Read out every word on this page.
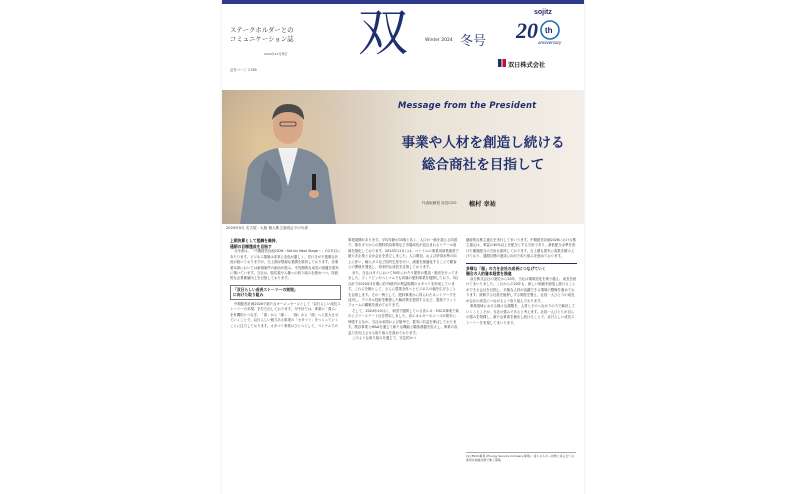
ステークホルダーとの
コミュニケーション誌
2024年12月発行 双	Winter 2024 冬号
sojitz
20 th
anniversary
証券コード 2768
双日株式会社
Message from the President
事業や人材を創造し続ける
総合商社を目指して
代表取締役 社長COO 植村 幸祐
2024年9月 名古屋・大阪 個人株主説明会での写真

上期決算として堅調を維持、
通期の目標達成を目指す

当年度は、「中期経営計画2026〜Set for Next Stage〜」の2年目にあたります。ビジネス環境は非常に変化が激しく、先行きが不透明な状況が続いておりますが、当上期は堅調な業績を維持しております。各事業本部においては新規案件の創出が進み、中長期的な成長の基盤を着実に築いています。当社は、脱炭素や人権への取り組みを進めつつ、持続的な企業価値向上を目指しております。

「双日らしい成長ストーリーの実現」
に向けた取り組み

中期経営計画2026で新たなキーメッセージとして「双日らしい成長ストーリーの実現」を打ち出しております。今中計では、事業の「強み」を有機的につなぎ、「面」から「線」、「線」から「面」へと拡大させていくことで、双日らしい魅力ある事業の「カタマリ」をつくっていくことに注力しております。カタマリ事業のひとつとして、ベトナムでの

事業展開があります。平均年齢が33歳と若く、人口が一億を超える同国で、都市ガスからの燃料供給事業など市場成長が見込まれるリテール領域を強化しております。2023年11月には、ベトナムの事業用商業施設で最大手企業と合弁会社を設立しました。人口増加、および所得水準の向上に伴い、輸入ガスなど国内生産を行い、流通を最適化することで顧客との関係を強化し、将来的な成長を目指しております。

また、当社はタイにおいて50年にわたり肥料の製造・販売を行ってきました。フィリピンやベトナムでも同様の肥料事業を展開しており、3社合計で2024年3月期に約75億円の利益規模のカタマリを形成しています。これらを軸として、さらに農業全体へとビジネスの幅を広げることを目指します。その一例として、肥料事業から得られたネットワークを活用し、デジタル技術を駆使した解決策を提供するなど、農業プラットフォームの構築を進めております。

そして、2024年10月に、米国で展開している省エネ・ESCO事業で新たにフリーステート社を買収しました。省エネルギーのニーズが着実に伸張するなか、当社は米国および豪州で、着実に収益を伸ばしております。既存事業とM&Aを通じて新たな機能と顧客基盤を拡大し、事業の収益力を向上させる取り組みを進めております。

このような取り組みを通じて、安定的かつ

継続的な株主還元を実行してまいります。中期経営計画2026における株主還元は、利益の30%以上を配当とする方針であり、最低配当水準を設けた累進配当の方針も維持しております。当上期も着実に成果を積み上げており、通期目標の達成に向けた取り組みを進めております。

多様な「個」の力を会社の成長につなげていく
競合の人的資本経営を推進

双日株式会社の発足から20年、当社は環境変化を乗り越え、成長を続けてまいりました。これからの20年も、新しい価値を創造し続けることができる会社を目指し、多様な人材が活躍できる環境の整備を進めております。挑戦する社員を後押しする制度を整え、社員一人ひとりの成長が会社の成長につながるよう取り組んでおります。

事業領域における様々な課題を、人材とそのつながりの力で解決していくことこそが、当社の強みであると考えます。社員一人ひとりが自らの強みを発揮し、新たな事業を創出し続けることで、双日らしい成長ストーリーを実現してまいります。

(※) ESCO事業 (Energy Service Company事業)：省エネルギー改修に係る全ての費用を削減効果で賄う事業。
